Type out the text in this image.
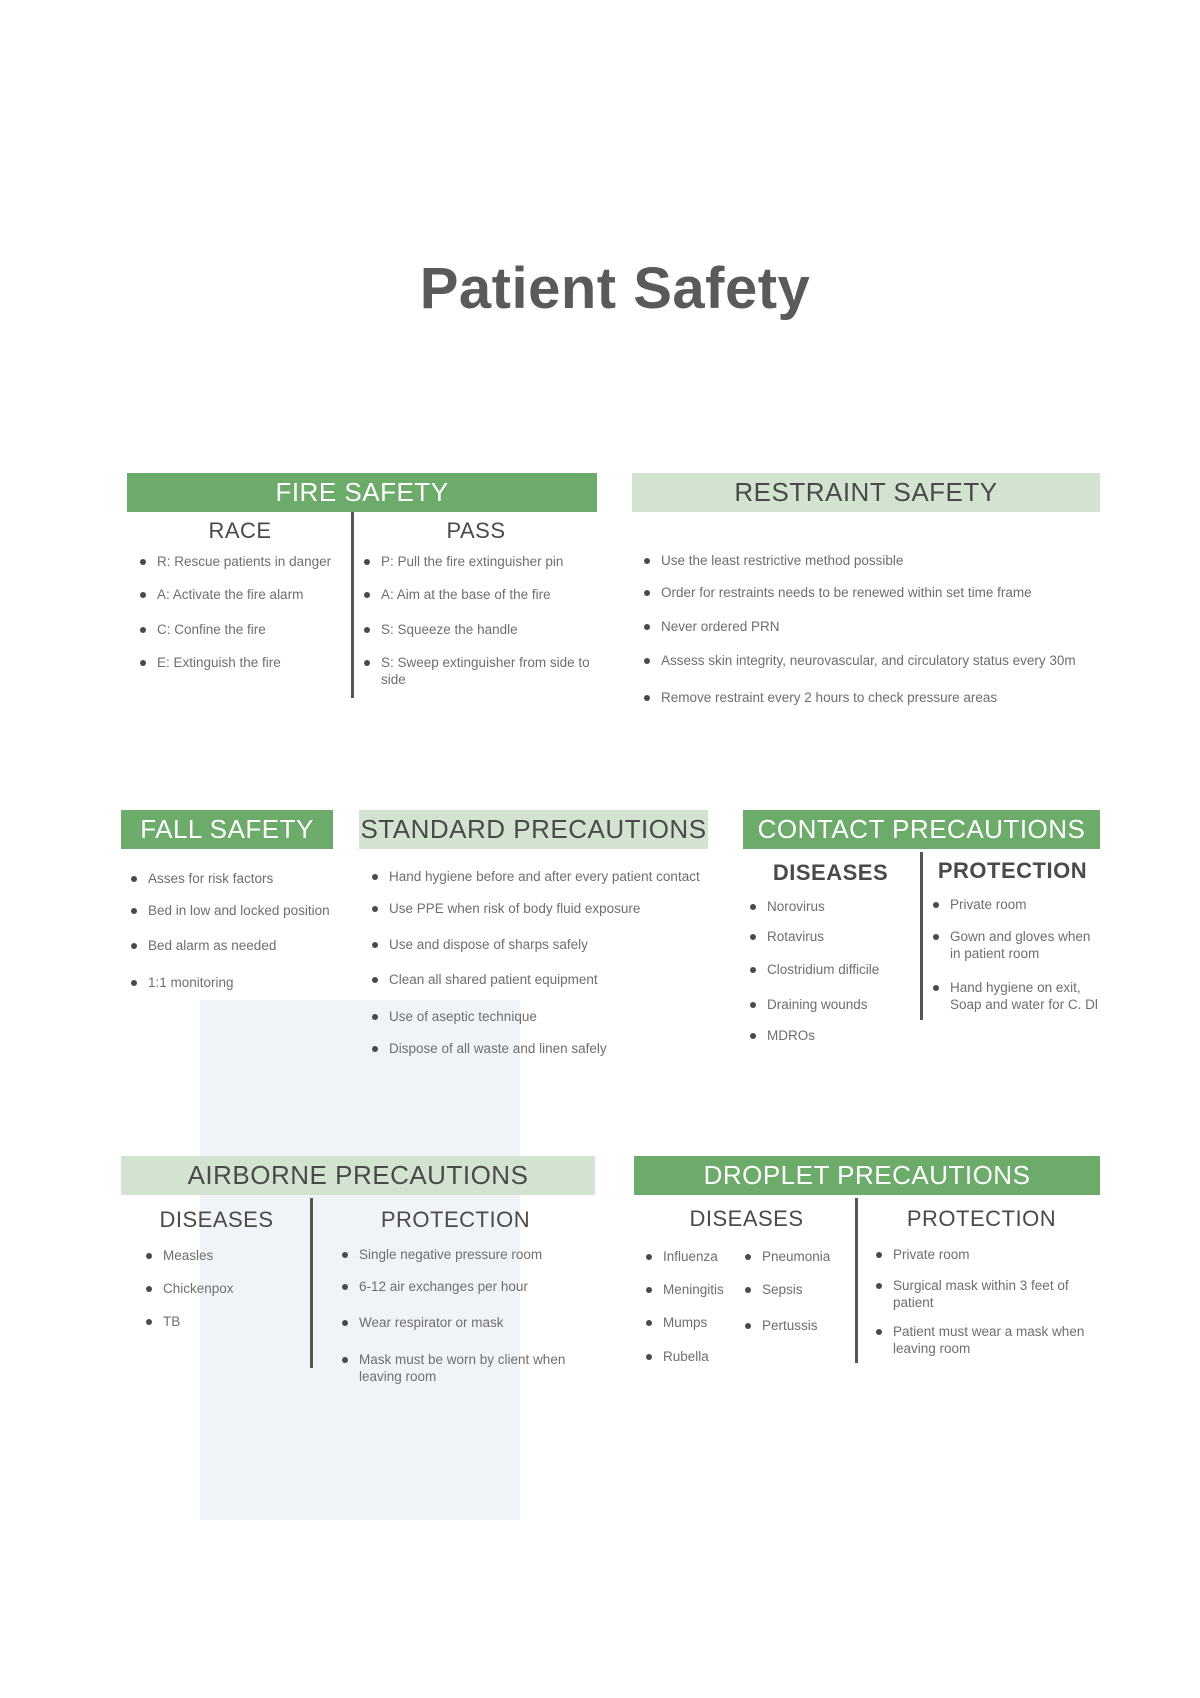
Patient Safety
FIRE SAFETY
RACE	PASS
R: Rescue patients in danger
A: Activate the fire alarm
C: Confine the fire
E: Extinguish the fire
P: Pull the fire extinguisher pin
A: Aim at the base of the fire
S: Squeeze the handle
S: Sweep extinguisher from side to side
RESTRAINT SAFETY
Use the least restrictive method possible
Order for restraints needs to be renewed within set time frame
Never ordered PRN
Assess skin integrity, neurovascular, and circulatory status every 30m
Remove restraint every 2 hours to check pressure areas
FALL SAFETY
Asses for risk factors
Bed in low and locked position
Bed alarm as needed
1:1 monitoring
STANDARD PRECAUTIONS
Hand hygiene before and after every patient contact
Use PPE when risk of body fluid exposure
Use and dispose of sharps safely
Clean all shared patient equipment
Use of aseptic technique
Dispose of all waste and linen safely
CONTACT PRECAUTIONS
DISEASES	PROTECTION
Norovirus
Rotavirus
Clostridium difficile
Draining wounds
MDROs
Private room
Gown and gloves when in patient room
Hand hygiene on exit, Soap and water for C. Dl
AIRBORNE PRECAUTIONS
DISEASES	PROTECTION
Measles
Chickenpox
TB
Single negative pressure room
6-12 air exchanges per hour
Wear respirator or mask
Mask must be worn by client when leaving room
DROPLET PRECAUTIONS
DISEASES	PROTECTION
Influenza
Meningitis
Mumps
Rubella
Pneumonia
Sepsis
Pertussis
Private room
Surgical mask within 3 feet of patient
Patient must wear a mask when leaving room
